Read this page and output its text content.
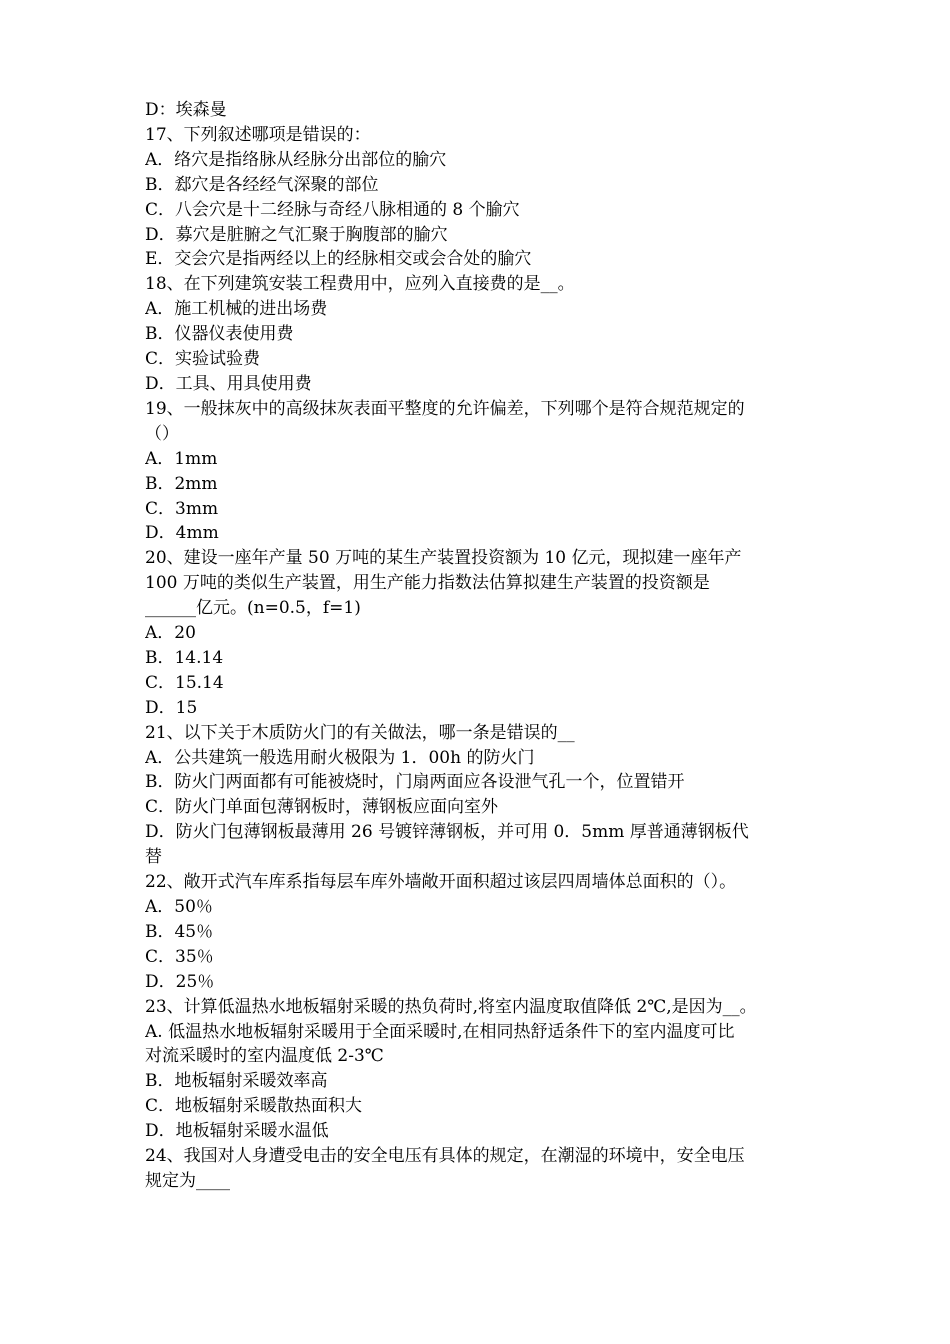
D：埃森曼
17、下列叙述哪项是错误的：
A．络穴是指络脉从经脉分出部位的腧穴
B．郄穴是各经经气深聚的部位
C．八会穴是十二经脉与奇经八脉相通的 8 个腧穴
D．募穴是脏腑之气汇聚于胸腹部的腧穴
E．交会穴是指两经以上的经脉相交或会合处的腧穴
18、在下列建筑安装工程费用中，应列入直接费的是__。
A．施工机械的进出场费
B．仪器仪表使用费
C．实验试验费
D．工具、用具使用费
19、一般抹灰中的高级抹灰表面平整度的允许偏差，下列哪个是符合规范规定的
（）
A．1mm
B．2mm
C．3mm
D．4mm
20、建设一座年产量 50 万吨的某生产装置投资额为 10 亿元，现拟建一座年产
100 万吨的类似生产装置，用生产能力指数法估算拟建生产装置的投资额是
______亿元。(n=0.5，f=1)
A．20
B．14.14
C．15.14
D．15
21、以下关于木质防火门的有关做法，哪一条是错误的__
A．公共建筑一般选用耐火极限为 1．00h 的防火门
B．防火门两面都有可能被烧时，门扇两面应各设泄气孔一个，位置错开
C．防火门单面包薄钢板时，薄钢板应面向室外
D．防火门包薄钢板最薄用 26 号镀锌薄钢板，并可用 0．5mm 厚普通薄钢板代
替
22、敞开式汽车库系指每层车库外墙敞开面积超过该层四周墙体总面积的（）。
A．50％
B．45％
C．35％
D．25％
23、计算低温热水地板辐射采暖的热负荷时,将室内温度取值降低 2℃,是因为__。
A. 低温热水地板辐射采暖用于全面采暖时,在相同热舒适条件下的室内温度可比
对流采暖时的室内温度低 2-3℃
B．地板辐射采暖效率高
C．地板辐射采暖散热面积大
D．地板辐射采暖水温低
24、我国对人身遭受电击的安全电压有具体的规定，在潮湿的环境中，安全电压
规定为____
